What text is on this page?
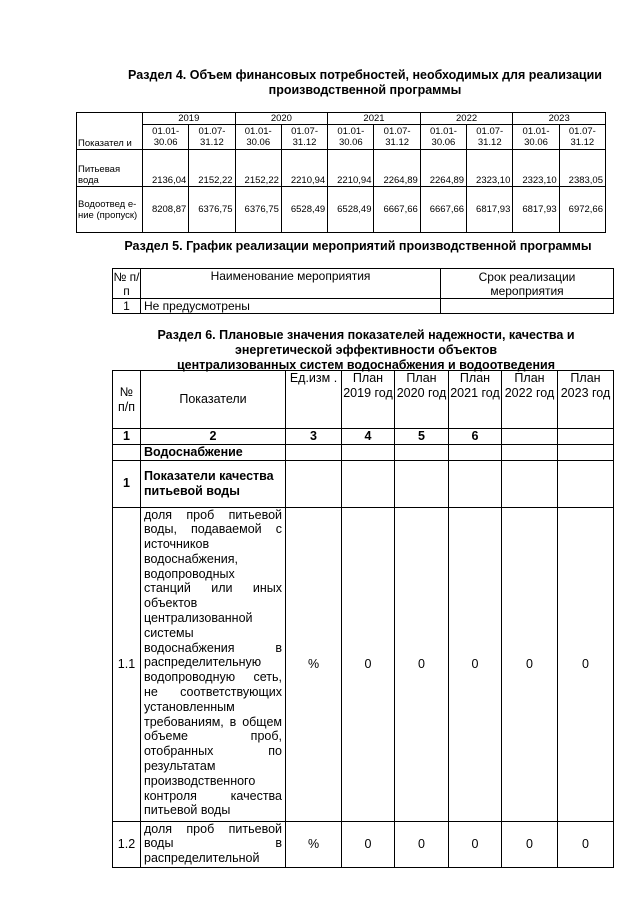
Раздел 4. Объем финансовых потребностей, необходимых для реализации
производственной программы
Показател и	2019		2020		2021		2022		2023	
	01.01-30.06	01.07-31.12	01.01-30.06	01.07-31.12	01.01-30.06	01.07-31.12	01.01-30.06	01.07-31.12	01.01-30.06	01.07-31.12
Питьевая вода	2136,04	2152,22	2152,22	2210,94	2210,94	2264,89	2264,89	2323,10	2323,10	2383,05
Водоотвед е-ние (пропуск)	8208,87	6376,75	6376,75	6528,49	6528,49	6667,66	6667,66	6817,93	6817,93	6972,66
Раздел 5. График реализации мероприятий производственной программы
№ п/п	Наименование мероприятия	Срок реализации мероприятия
1	Не предусмотрены	
Раздел 6. Плановые значения показателей надежности, качества и
энергетической эффективности объектов
централизованных систем водоснабжения и водоотведения
№ п/п	Показатели	Ед.изм .	План 2019 год	План 2020 год	План 2021 год	План 2022 год	План 2023 год
1	2	3	4	5	6		
	Водоснабжение						
1	Показатели качества питьевой воды						
1.1	доля проб питьевой воды, подаваемой с источников водоснабжения, водопроводных станций или иных объектов централизованной системы водоснабжения в распределительную водопроводную сеть, не соответствующих установленным требованиям, в общем объеме проб, отобранных по результатам производственного контроля качества питьевой воды	%	0	0	0	0	0
1.2	доля проб питьевой воды в распределительной	%	0	0	0	0	0
